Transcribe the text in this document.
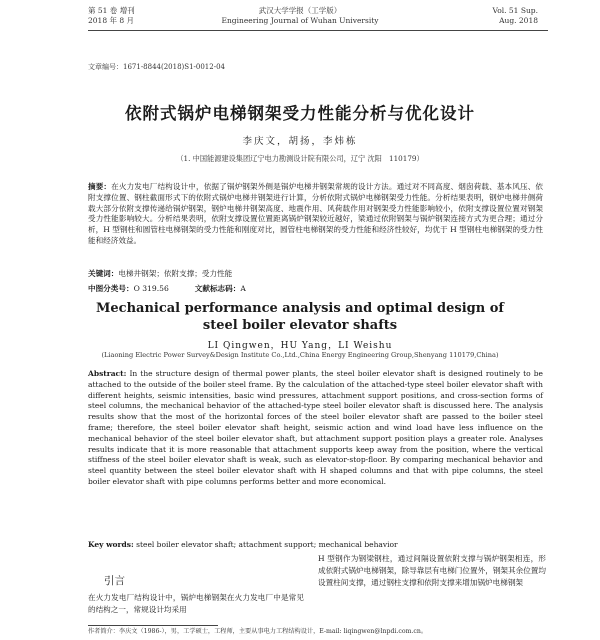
第 51 卷 增刊
2018 年 8 月
武汉大学学报（工学版）
Engineering Journal of Wuhan University
Vol. 51 Sup.
Aug. 2018
文章编号：1671-8844(2018)S1-0012-04
依附式锅炉电梯钢架受力性能分析与优化设计
李庆文，胡扬，李炜栋
（1. 中国能源建设集团辽宁电力勘测设计院有限公司，辽宁 沈阳　110179）
摘要：在火力发电厂结构设计中，依据了锅炉钢架外侧是锅炉电梯井钢架常规的设计方法。通过对不同高度、烟囱荷载、基本风压、依附支撑位置、钢柱截面形式下的依附式锅炉电梯井钢架进行计算，分析依附式锅炉电梯钢架受力性能。分析结果表明，钢炉电梯井侧荷载大部分依附支撑传递给锅炉钢架，钢炉电梯井钢架高度、地震作用、风荷载作用对钢架受力性能影响较小，依附支撑设置位置对钢架受力性能影响较大。分析结果表明，依附支撑设置位置距离锅炉钢架较近越好，梁通过依附钢架与锅炉钢架连接方式为更合理；通过分析，H 型钢柱和圆管柱电梯钢架的受力性能和刚度对比，圆管柱电梯钢架的受力性能和经济性较好，均优于 H 型钢柱电梯钢架的受力性能和经济效益。
关键词：电梯井钢架；依附支撑；受力性能
中图分类号：O 319.56	文献标志码：A
Mechanical performance analysis and optimal design of
steel boiler elevator shafts
LI Qingwen，HU Yang，LI Weishu
(Liaoning Electric Power Survey&Design Institute Co.,Ltd.,China Energy Engineering Group,Shenyang 110179,China)
Abstract: In the structure design of thermal power plants, the steel boiler elevator shaft is designed routinely to be attached to the outside of the boiler steel frame. By the calculation of the attached-type steel boiler elevator shaft with different heights, seismic intensities, basic wind pressures, attachment support positions, and cross-section forms of steel columns, the mechanical behavior of the attached-type steel boiler elevator shaft is discussed here. The analysis results show that the most of the horizontal forces of the steel boiler elevator shaft are passed to the boiler steel frame; therefore, the steel boiler elevator shaft height, seismic action and wind load have less influence on the mechanical behavior of the steel boiler elevator shaft, but attachment support position plays a greater role. Analyses results indicate that it is more reasonable that attachment supports keep away from the position, where the vertical stiffness of the steel boiler elevator shaft is weak, such as elevator-stop-floor. By comparing mechanical behavior and steel quantity between the steel boiler elevator shaft with H shaped columns and that with pipe columns, the steel boiler elevator shaft with pipe columns performs better and more economical.
Key words: steel boiler elevator shaft; attachment support; mechanical behavior
引言
在火力发电厂结构设计中，锅炉电梯钢架在火力发电厂中是常见的结构之一，常规设计均采用
H 型钢作为钢梁钢柱，通过间隔设置依附支撑与锅炉钢架相连，形成依附式锅炉电梯钢架，除导靠层有电梯门位置外，钢架其余位置均设置柱间支撑，通过钢柱支撑和依附支撑来增加锅炉电梯钢架
作者简介：李庆文（1986-），男，工学硕士，工程师，主要从事电力工程结构设计，E-mail: liqingwen@lnpdi.com.cn。
